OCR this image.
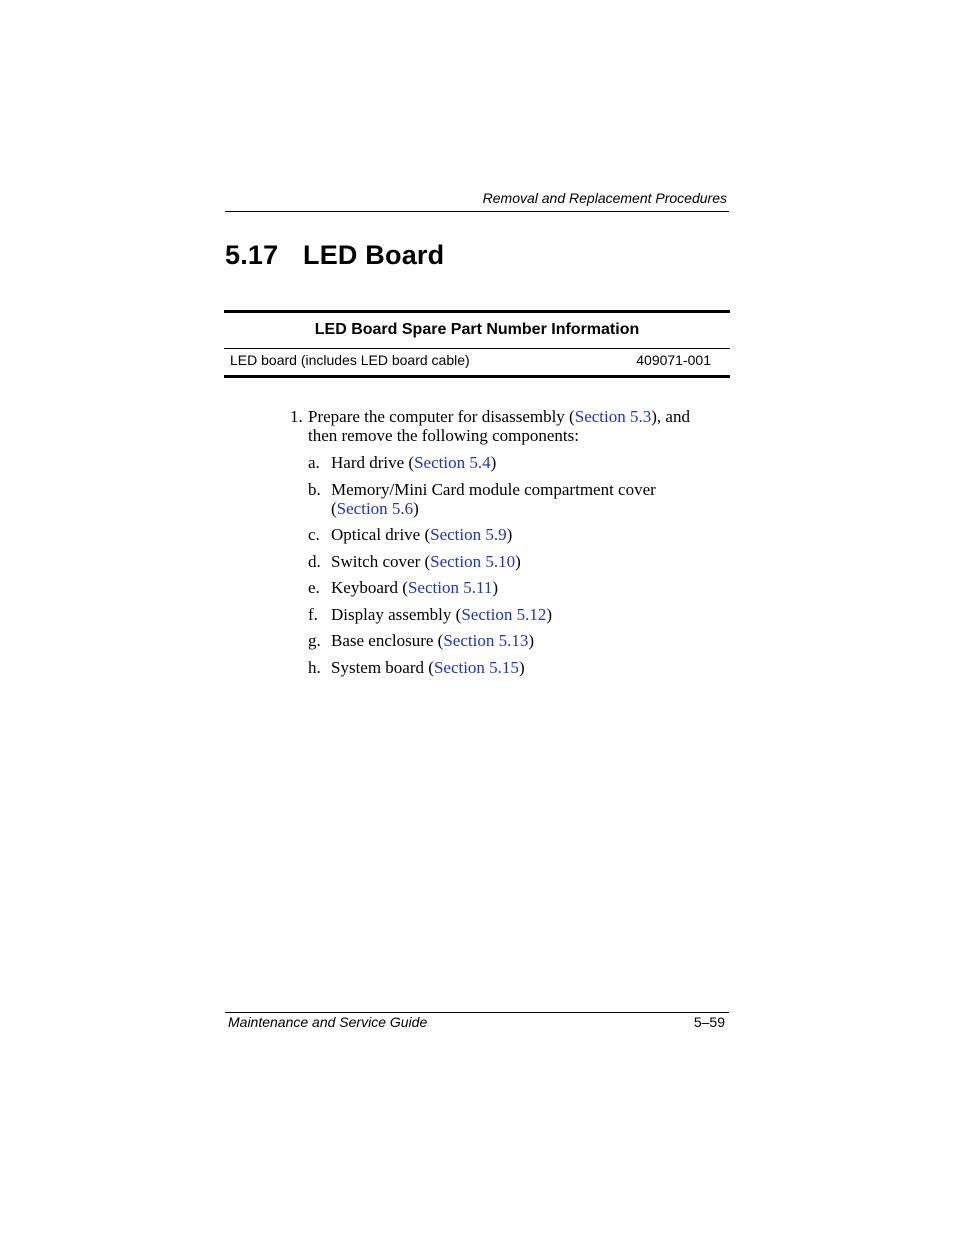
Removal and Replacement Procedures
5.17 LED Board
LED Board Spare Part Number Information
LED board (includes LED board cable)	409071-001
1. Prepare the computer for disassembly (Section 5.3), and then remove the following components:
a. Hard drive (Section 5.4)
b. Memory/Mini Card module compartment cover (Section 5.6)
c. Optical drive (Section 5.9)
d. Switch cover (Section 5.10)
e. Keyboard (Section 5.11)
f. Display assembly (Section 5.12)
g. Base enclosure (Section 5.13)
h. System board (Section 5.15)
Maintenance and Service Guide	5–59
